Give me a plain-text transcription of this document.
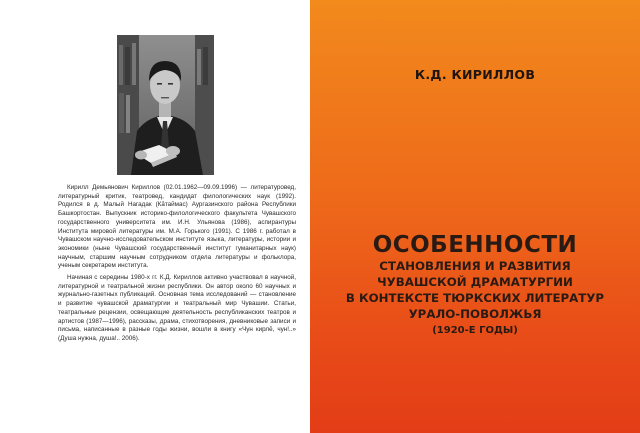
Кирилл Демьянович Кириллов (02.01.1962—09.09.1996) — литературовед, литературный критик, театровед, кандидат филологических наук (1992). Родился в д. Малый Нагадак (Кӑтаймас) Аургазинского района Республики Башкортостан. Выпускник историко-филологического факультета Чувашского государственного университета им. И.Н. Ульянова (1986), аспирантуры Института мировой литературы им. М.А. Горького (1991). С 1986 г. работал в Чувашском научно-исследовательском институте языка, литературы, истории и экономики (ныне Чувашский государственный институт гуманитарных наук) научным, старшим научным сотрудником отдела литературы и фольклора, ученым секретарем института.

Начиная с середины 1980-х гг. К.Д. Кириллов активно участвовал в научной, литературной и театральной жизни республики. Он автор около 60 научных и журнально-газетных публикаций. Основная тема исследований — становление и развитие чувашской драматургии и театральный мир Чувашии. Статьи, театральные рецензии, освещающие деятельность республиканских театров и артистов (1987—1996), рассказы, драма, стихотворения, дневниковые записи и письма, написанные в разные годы жизни, вошли в книгу «Чун кирлӗ, чун!..» (Душа нужна, душа!.. 2006).

К.Д. КИРИЛЛОВ
ОСОБЕННОСТИ
СТАНОВЛЕНИЯ И РАЗВИТИЯ
ЧУВАШСКОЙ ДРАМАТУРГИИ
В КОНТЕКСТЕ ТЮРКСКИХ ЛИТЕРАТУР
УРАЛО-ПОВОЛЖЬЯ
(1920-Е ГОДЫ)
